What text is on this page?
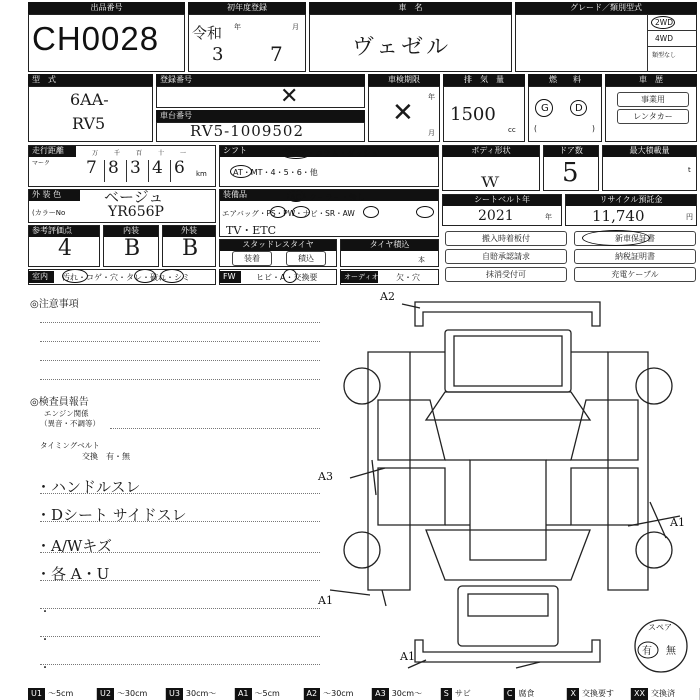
出品番号
CH0028
初年度登録
令和 年
3
月
7
車　名
ヴェゼル
グレード／類別型式
2WD
4WD
類型なし
型　式
6AA-
RV5
登録番号
✕
車台番号
RV5-1009502
車検期限
✕
年
月
排　気　量
1500
cc
燃　　料
G	D
(	)
車　歴
事業用
レンタカー
走行距離
マーク
万
7
千
8
百
3
十
4
一
6 km
シフト	フロア・コラム・ダッシュ
AT・MT・4・5・6・他
ボディ形状
ｗ
ドア数
5
最大積載量
t
外 装 色	ベージュ
(カラーNo	YR656P
装備品	AC・クーラー・無し
エアバッグ・PS・PW・ナビ・SR・AW
TV・ETC
シートベルト年
2021	年
リサイクル預託金
11,740	円
参考評価点
4
内装
B
外装
B	スタッドレスタイヤ
装着	積込
タイヤ積込
本
搬入時着板付	新車保証書
自賠承認請求	納税証明書
抹消受付可	充電ケーブル
室内	汚れ・コゲ・穴・タレ・破れ・シミ	FW	ヒビ・A・交換要	オーディオ 欠・穴
◎注意事項
◎検査員報告
エンジン関係
（異音・不調等）
タイミングベルト
交換　有・無
・ハンドルスレ
・Dシート サイドスレ
・A/Wキズ
・各 A・U
・
・
・
A2
A3
A1
A1
A1
スペア
有 無
U1 ～5cm	U2 ～30cm	U3 30cm～	A1 ～5cm	A2 ～30cm	A3 30cm～	S サビ	C 腐食	X 交換要す	XX 交換済
